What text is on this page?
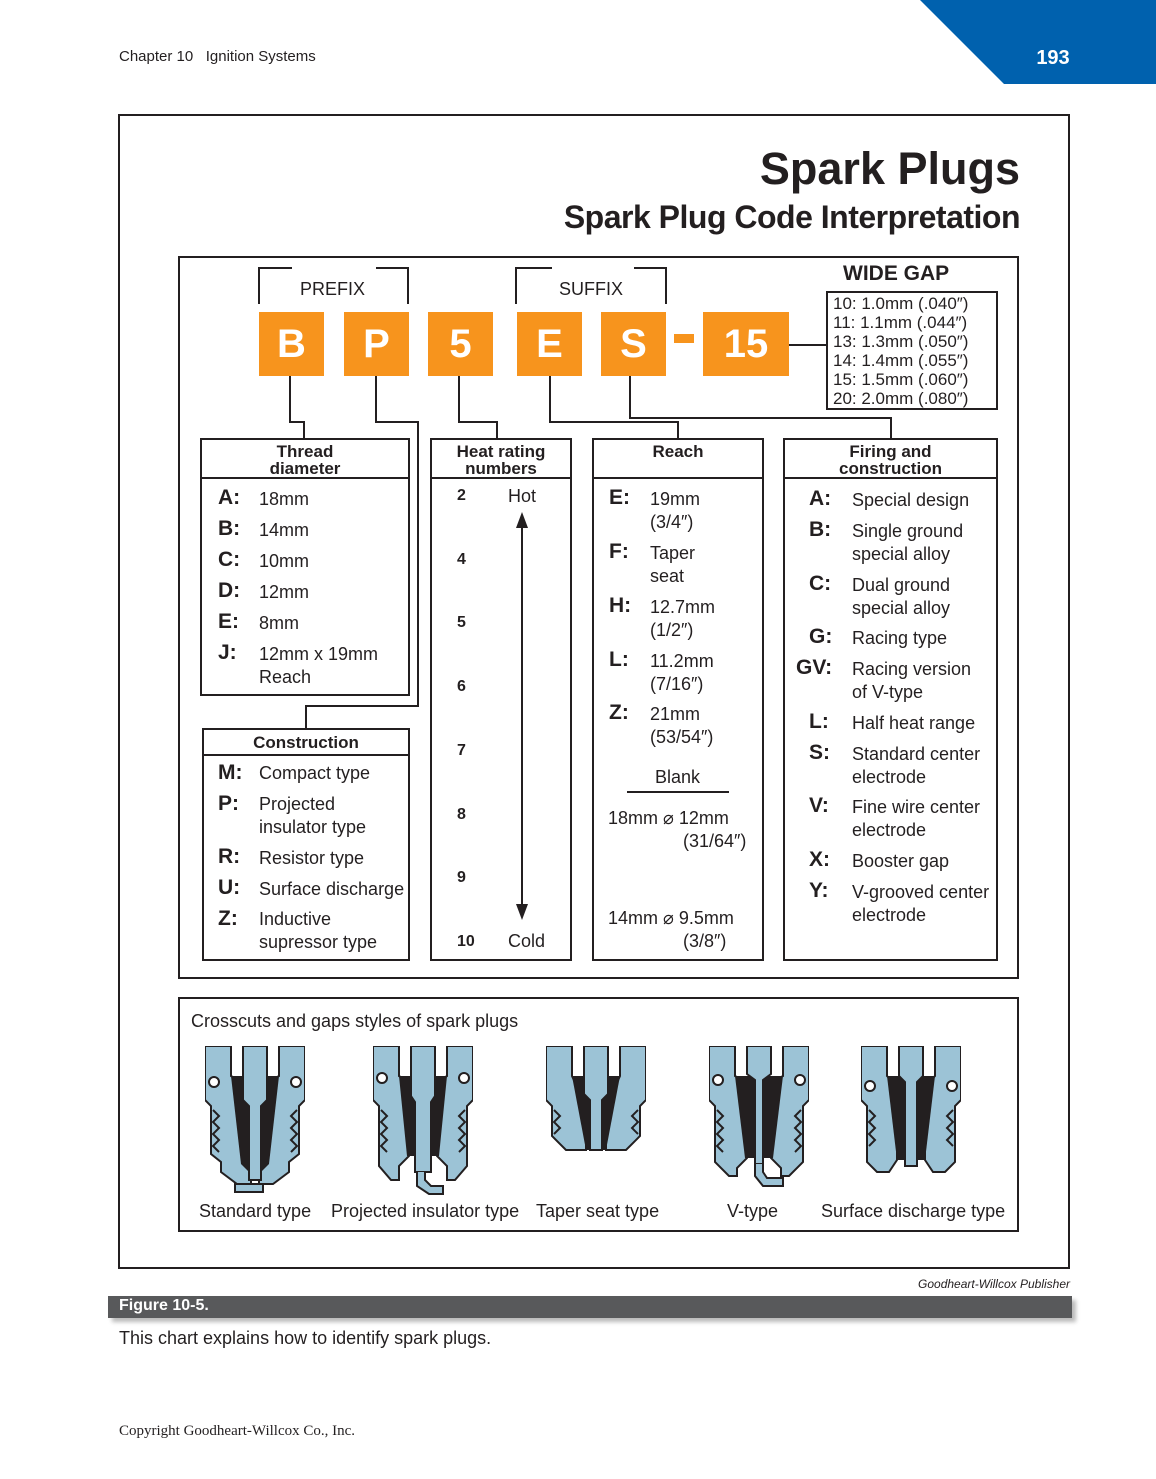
193
Chapter 10   Ignition Systems
Spark Plugs
Spark Plug Code Interpretation
PREFIX	SUFFIX
B	P	5	E	S	15
WIDE GAP
10: 1.0mm (.040″)
11: 1.1mm (.044″)
13: 1.3mm (.050″)
14: 1.4mm (.055″)
15: 1.5mm (.060″)
20: 2.0mm (.080″)
Thread
diameter
A: 18mm
B: 14mm
C: 10mm
D: 12mm
E: 8mm
J: 12mm x 19mm
Reach
Construction
M: Compact type
P: Projected
insulator type
R: Resistor type
U: Surface discharge
Z: Inductive
supressor type
Heat rating
numbers
2
4
5
6
7
8
9
10
Hot
Cold
Reach
E: 19mm
(3/4″)
F: Taper
seat
H: 12.7mm
(1/2″)
L: 11.2mm
(7/16″)
Z: 21mm
(53/54″)
Blank
18mm ⌀ 12mm
(31/64″)
14mm ⌀ 9.5mm
(3/8″)
Firing and
construction
A: Special design
B: Single ground
special alloy
C: Dual ground
special alloy
G: Racing type
GV: Racing version
of V-type
L: Half heat range
S: Standard center
electrode
V: Fine wire center
electrode
X: Booster gap
Y: V-grooved center
electrode
Crosscuts and gaps styles of spark plugs
Standard type Projected insulator type Taper seat type	V-type Surface discharge type
Goodheart-Willcox Publisher
Figure 10-5.
This chart explains how to identify spark plugs.
Copyright Goodheart-Willcox Co., Inc.
